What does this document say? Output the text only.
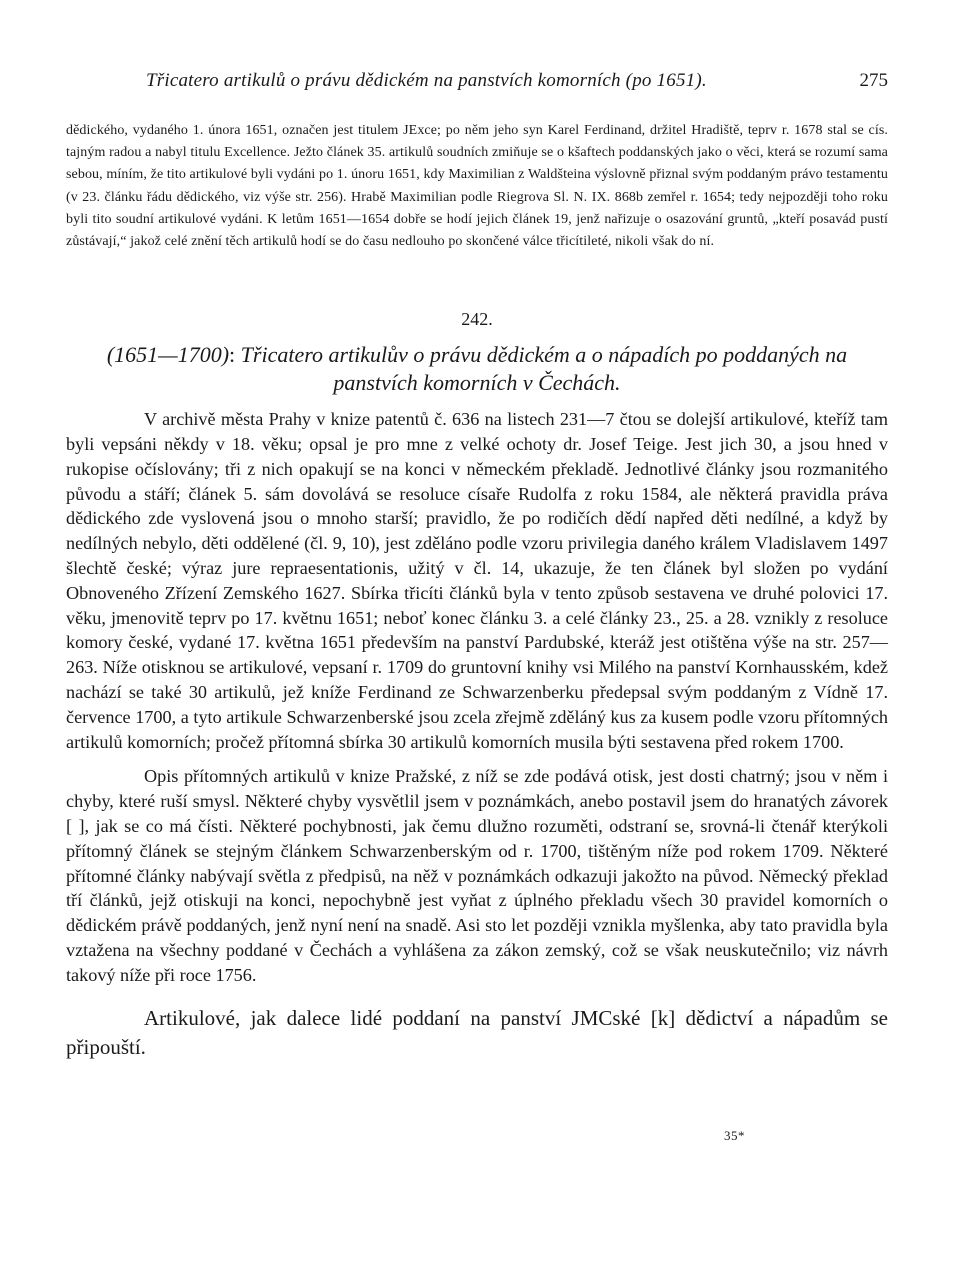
Třicatero artikulů o právu dědickém na panstvích komorních (po 1651).	275
dědického, vydaného 1. února 1651, označen jest titulem JExce; po něm jeho syn Karel Ferdinand, držitel Hradiště, teprv r. 1678 stal se cís. tajným radou a nabyl titulu Excellence. Ježto článek 35. artikulů soudních zmiňuje se o kšaftech poddanských jako o věci, která se rozumí sama sebou, míním, že tito artikulové byli vydáni po 1. únoru 1651, kdy Maximilian z Waldšteina výslovně přiznal svým poddaným právo testamentu (v 23. článku řádu dědického, viz výše str. 256). Hrabě Maximilian podle Riegrova Sl. N. IX. 868b zemřel r. 1654; tedy nejpozději toho roku byli tito soudní artikulové vydáni. K letům 1651—1654 dobře se hodí jejich článek 19, jenž nařizuje o osazování gruntů, „kteří posavád pustí zůstávají,“ jakož celé znění těch artikulů hodí se do času nedlouho po skončené válce třicítileté, nikoli však do ní.
242.
(1651—1700): Třicatero artikulův o právu dědickém a o nápadích po poddaných na panstvích komorních v Čechách.

V archivě města Prahy v knize patentů č. 636 na listech 231—7 čtou se dolejší artikulové, kteříž tam byli vepsáni někdy v 18. věku; opsal je pro mne z velké ochoty dr. Josef Teige. Jest jich 30, a jsou hned v rukopise očíslovány; tři z nich opakují se na konci v německém překladě. Jednotlivé články jsou rozmanitého původu a stáří; článek 5. sám dovolává se resoluce císaře Rudolfa z roku 1584, ale některá pravidla práva dědického zde vyslovená jsou o mnoho starší; pravidlo, že po rodičích dědí napřed děti nedílné, a když by nedílných nebylo, děti oddělené (čl. 9, 10), jest zděláno podle vzoru privilegia daného králem Vladislavem 1497 šlechtě české; výraz jure repraesentationis, užitý v čl. 14, ukazuje, že ten článek byl složen po vydání Obnoveného Zřízení Zemského 1627. Sbírka třicíti článků byla v tento způsob sestavena ve druhé polovici 17. věku, jmenovitě teprv po 17. květnu 1651; neboť konec článku 3. a celé články 23., 25. a 28. vznikly z resoluce komory české, vydané 17. května 1651 především na panství Pardubské, kteráž jest otištěna výše na str. 257—263. Níže otisknou se artikulové, vepsaní r. 1709 do gruntovní knihy vsi Milého na panství Kornhausském, kdež nachází se také 30 artikulů, jež kníže Ferdinand ze Schwarzenberku předepsal svým poddaným z Vídně 17. července 1700, a tyto artikule Schwarzenberské jsou zcela zřejmě zděláný kus za kusem podle vzoru přítomných artikulů komorních; pročež přítomná sbírka 30 artikulů komorních musila býti sestavena před rokem 1700.

Opis přítomných artikulů v knize Pražské, z níž se zde podává otisk, jest dosti chatrný; jsou v něm i chyby, které ruší smysl. Některé chyby vysvětlil jsem v poznámkách, anebo postavil jsem do hranatých závorek [ ], jak se co má čísti. Některé pochybnosti, jak čemu dlužno rozuměti, odstraní se, srovná-li čtenář kterýkoli přítomný článek se stejným článkem Schwarzenberským od r. 1700, tištěným níže pod rokem 1709. Některé přítomné články nabývají světla z předpisů, na něž v poznámkách odkazuji jakožto na původ. Německý překlad tří článků, jejž otiskuji na konci, nepochybně jest vyňat z úplného překladu všech 30 pravidel komorních o dědickém právě poddaných, jenž nyní není na snadě. Asi sto let později vznikla myšlenka, aby tato pravidla byla vztažena na všechny poddané v Čechách a vyhlášena za zákon zemský, což se však neuskutečnilo; viz návrh takový níže při roce 1756.

Artikulové, jak dalece lidé poddaní na panství JMCské [k] dědictví a nápadům se připouští.

35*
